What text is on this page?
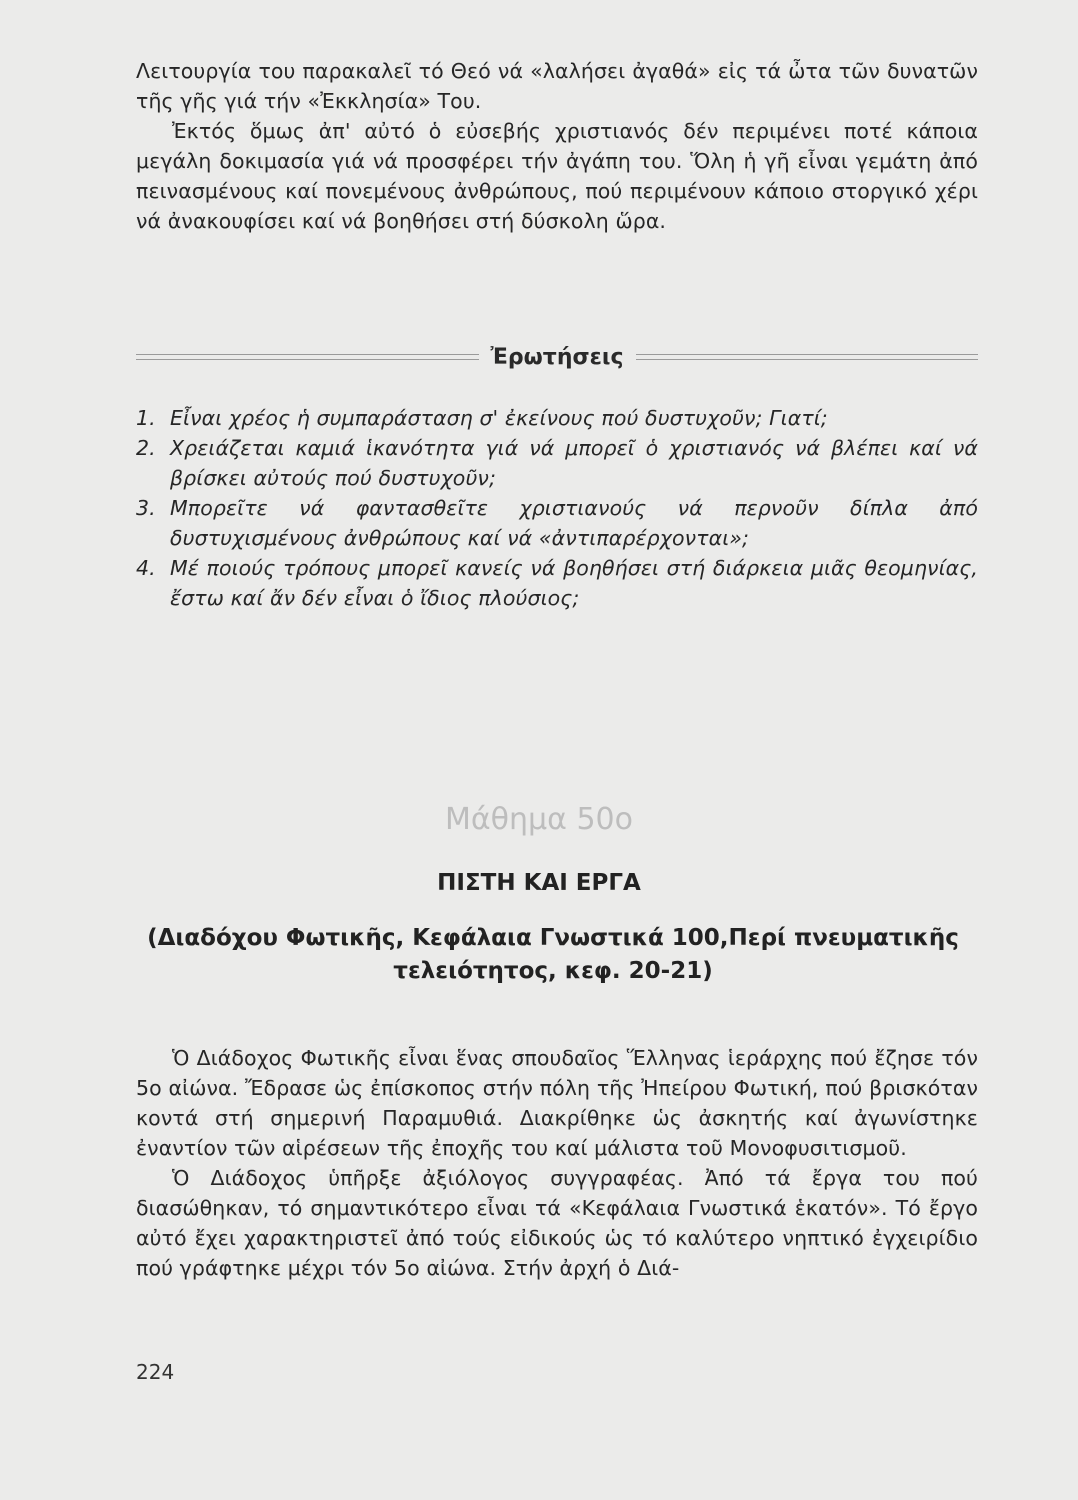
Λειτουργία του παρακαλεῖ τό Θεό νά «λαλήσει ἀγαθά» εἰς τά ὦτα τῶν δυνατῶν τῆς γῆς γιά τήν «Ἐκκλησία» Του.

Ἐκτός ὅμως ἀπ' αὐτό ὁ εὐσεβής χριστιανός δέν περιμένει ποτέ κάποια μεγάλη δοκιμασία γιά νά προσφέρει τήν ἀγάπη του. Ὅλη ἡ γῆ εἶναι γεμάτη ἀπό πεινασμένους καί πονεμένους ἀνθρώπους, πού περιμένουν κάποιο στοργικό χέρι νά ἀνακουφίσει καί νά βοηθήσει στή δύσκολη ὥρα.

Ἐρωτήσεις
1. Εἶναι χρέος ἡ συμπαράσταση σ' ἐκείνους πού δυστυχοῦν; Γιατί;
2. Χρειάζεται καμιά ἱκανότητα γιά νά μπορεῖ ὁ χριστιανός νά βλέπει καί νά βρίσκει αὐτούς πού δυστυχοῦν;
3. Μπορεῖτε νά φαντασθεῖτε χριστιανούς νά περνοῦν δίπλα ἀπό δυστυχισμένους ἀνθρώπους καί νά «ἀντιπαρέρχονται»;
4. Μέ ποιούς τρόπους μπορεῖ κανείς νά βοηθήσει στή διάρκεια μιᾶς θεομηνίας, ἔστω καί ἄν δέν εἶναι ὁ ἴδιος πλούσιος;
Μάθημα 50ο
ΠΙΣΤΗ ΚΑΙ ΕΡΓΑ
(Διαδόχου Φωτικῆς, Κεφάλαια Γνωστικά 100,Περί πνευματικῆς τελειότητος, κεφ. 20-21)

Ὁ Διάδοχος Φωτικῆς εἶναι ἕνας σπουδαῖος Ἕλληνας ἱεράρχης πού ἔζησε τόν 5ο αἰώνα. Ἔδρασε ὡς ἐπίσκοπος στήν πόλη τῆς Ἠπείρου Φωτική, πού βρισκόταν κοντά στή σημερινή Παραμυθιά. Διακρίθηκε ὡς ἀσκητής καί ἀγωνίστηκε ἐναντίον τῶν αἱρέσεων τῆς ἐποχῆς του καί μάλιστα τοῦ Μονοφυσιτισμοῦ.

Ὁ Διάδοχος ὑπῆρξε ἀξιόλογος συγγραφέας. Ἀπό τά ἔργα του πού διασώθηκαν, τό σημαντικότερο εἶναι τά «Κεφάλαια Γνωστικά ἑκατόν». Τό ἔργο αὐτό ἔχει χαρακτηριστεῖ ἀπό τούς εἰδικούς ὡς τό καλύτερο νηπτικό ἐγχειρίδιο πού γράφτηκε μέχρι τόν 5ο αἰώνα. Στήν ἀρχή ὁ Διά-

224
